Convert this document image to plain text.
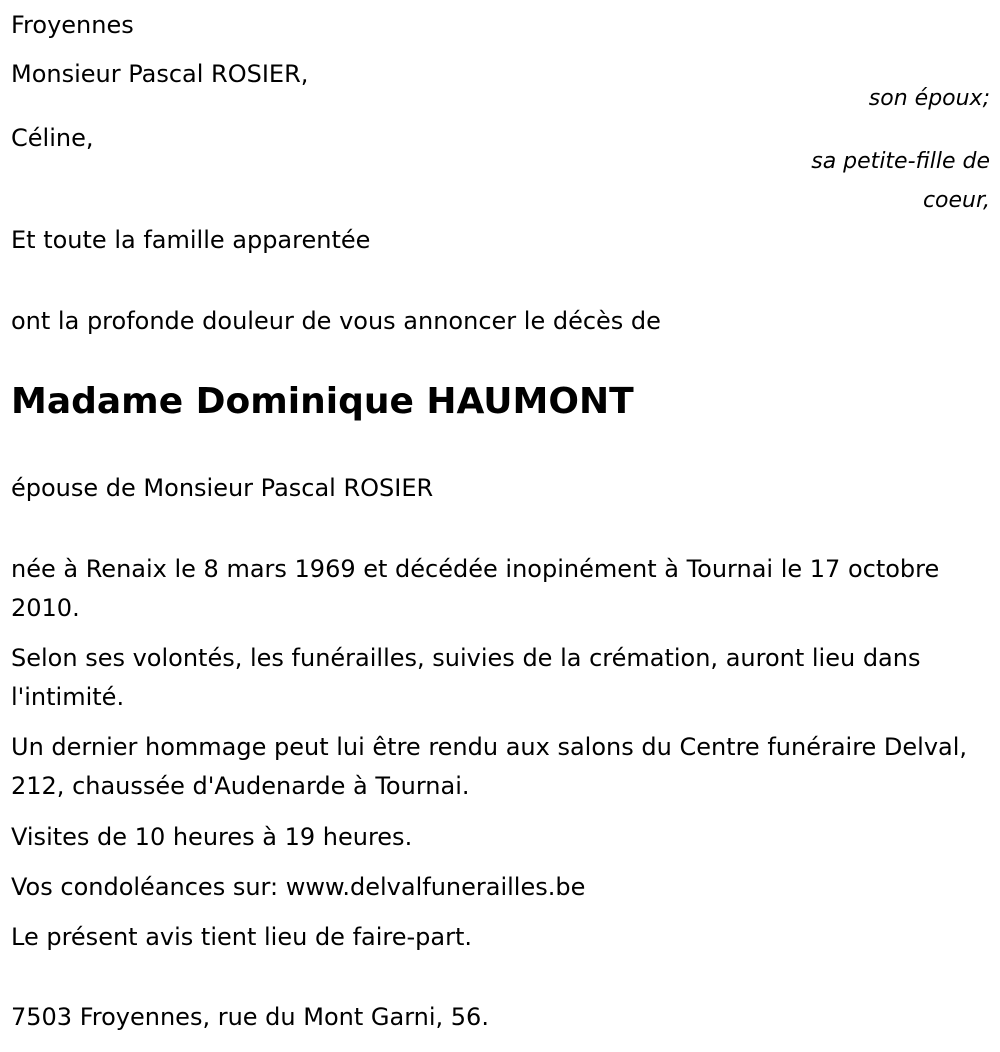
Froyennes

Monsieur Pascal ROSIER,

son époux;

Céline,

sa petite-fille de

coeur,

Et toute la famille apparentée

ont la profonde douleur de vous annoncer le décès de

Madame Dominique HAUMONT

épouse de Monsieur Pascal ROSIER

née à Renaix le 8 mars 1969 et décédée inopinément à Tournai le 17 octobre 2010.

Selon ses volontés, les funérailles, suivies de la crémation, auront lieu dans l'intimité.

Un dernier hommage peut lui être rendu aux salons du Centre funéraire Delval, 212, chaussée d'Audenarde à Tournai.

Visites de 10 heures à 19 heures.

Vos condoléances sur: www.delvalfunerailles.be

Le présent avis tient lieu de faire-part.

7503 Froyennes, rue du Mont Garni, 56.
